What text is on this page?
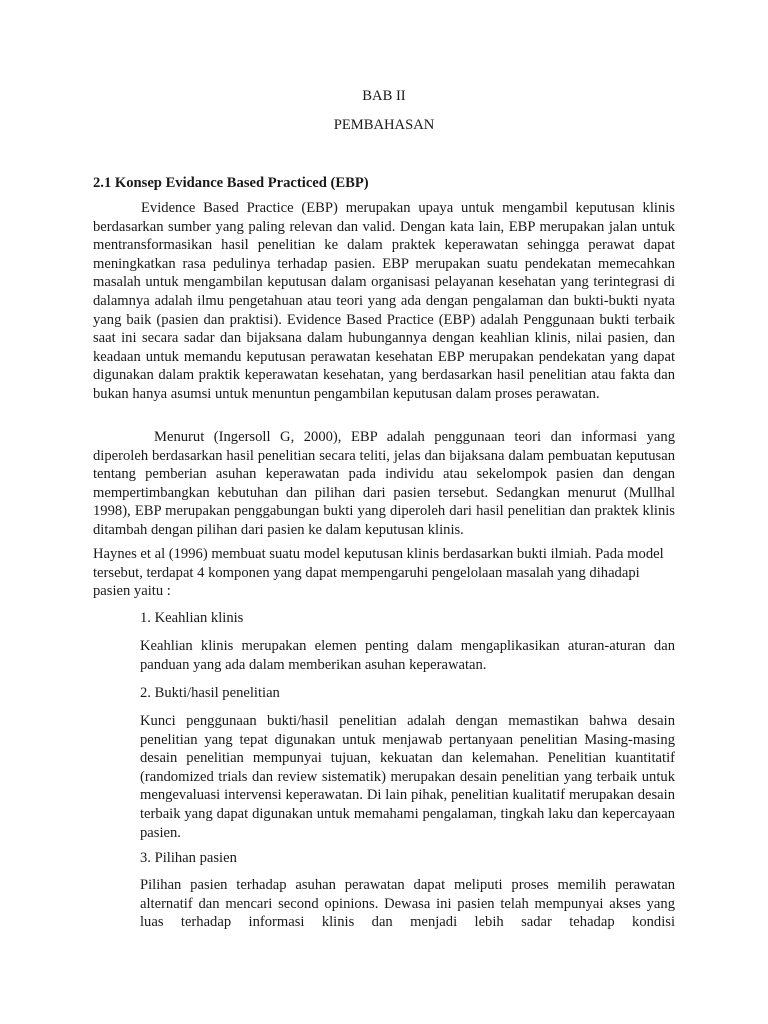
BAB II

PEMBAHASAN

2.1 Konsep Evidance Based Practiced (EBP)

Evidence Based Practice (EBP) merupakan upaya untuk mengambil keputusan klinis berdasarkan sumber yang paling relevan dan valid. Dengan kata lain, EBP merupakan jalan untuk mentransformasikan hasil penelitian ke dalam praktek keperawatan sehingga perawat dapat meningkatkan rasa pedulinya terhadap pasien. EBP merupakan suatu pendekatan memecahkan masalah untuk mengambilan keputusan dalam organisasi pelayanan kesehatan yang terintegrasi di dalamnya adalah ilmu pengetahuan atau teori yang ada dengan pengalaman dan bukti-bukti nyata yang baik (pasien dan praktisi). Evidence Based Practice (EBP) adalah Penggunaan bukti terbaik saat ini secara sadar dan bijaksana dalam hubungannya dengan keahlian klinis, nilai pasien, dan keadaan untuk memandu keputusan perawatan kesehatan EBP merupakan pendekatan yang dapat digunakan dalam praktik keperawatan kesehatan, yang berdasarkan hasil penelitian atau fakta dan bukan hanya asumsi untuk menuntun pengambilan keputusan dalam proses perawatan.

Menurut (Ingersoll G, 2000), EBP adalah penggunaan teori dan informasi yang diperoleh berdasarkan hasil penelitian secara teliti, jelas dan bijaksana dalam pembuatan keputusan tentang pemberian asuhan keperawatan pada individu atau sekelompok pasien dan dengan mempertimbangkan kebutuhan dan pilihan dari pasien tersebut. Sedangkan menurut (Mullhal 1998), EBP merupakan penggabungan bukti yang diperoleh dari hasil penelitian dan praktek klinis ditambah dengan pilihan dari pasien ke dalam keputusan klinis.

Haynes et al (1996) membuat suatu model keputusan klinis berdasarkan bukti ilmiah. Pada model tersebut, terdapat 4 komponen yang dapat mempengaruhi pengelolaan masalah yang dihadapi pasien yaitu :

1. Keahlian klinis

Keahlian klinis merupakan elemen penting dalam mengaplikasikan aturan-aturan dan panduan yang ada dalam memberikan asuhan keperawatan.

2. Bukti/hasil penelitian

Kunci penggunaan bukti/hasil penelitian adalah dengan memastikan bahwa desain penelitian yang tepat digunakan untuk menjawab pertanyaan penelitian Masing-masing desain penelitian mempunyai tujuan, kekuatan dan kelemahan. Penelitian kuantitatif (randomized trials dan review sistematik) merupakan desain penelitian yang terbaik untuk mengevaluasi intervensi keperawatan. Di lain pihak, penelitian kualitatif merupakan desain terbaik yang dapat digunakan untuk memahami pengalaman, tingkah laku dan kepercayaan pasien.

3. Pilihan pasien

Pilihan pasien terhadap asuhan perawatan dapat meliputi proses memilih perawatan alternatif dan mencari second opinions. Dewasa ini pasien telah mempunyai akses yang luas terhadap informasi klinis dan menjadi lebih sadar tehadap kondisi
